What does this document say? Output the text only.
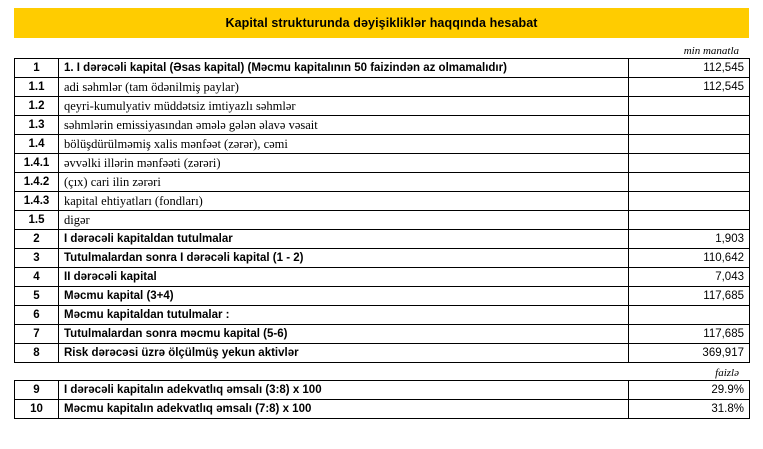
Kapital strukturunda dəyişikliklər haqqında hesabat
min manatla
1	1. I dərəcəli kapital (Əsas kapital) (Məcmu kapitalının 50 faizindən az olmamalıdır)	112,545
1.1	adi səhmlər (tam ödənilmiş paylar)	112,545
1.2	qeyri-kumulyativ müddətsiz imtiyazlı səhmlər	
1.3	səhmlərin emissiyasından əmələ gələn əlavə vəsait	
1.4	bölüşdürülməmiş xalis mənfəət (zərər), cəmi	
1.4.1	əvvəlki illərin mənfəəti (zərəri)	
1.4.2	(çıx) cari ilin zərəri	
1.4.3	kapital ehtiyatları (fondları)	
1.5	digər	
2	I dərəcəli kapitaldan tutulmalar	1,903
3	Tutulmalardan sonra I dərəcəli kapital (1 - 2)	110,642
4	II dərəcəli kapital	7,043
5	Məcmu kapital (3+4)	117,685
6	Məcmu kapitaldan tutulmalar :	
7	Tutulmalardan sonra məcmu kapital (5-6)	117,685
8	Risk dərəcəsi üzrə ölçülmüş yekun aktivlər	369,917
faizlə
9	I dərəcəli kapitalın adekvatlıq əmsalı (3:8) x 100	29.9%
10	Məcmu kapitalın adekvatlıq əmsalı (7:8) x 100	31.8%
